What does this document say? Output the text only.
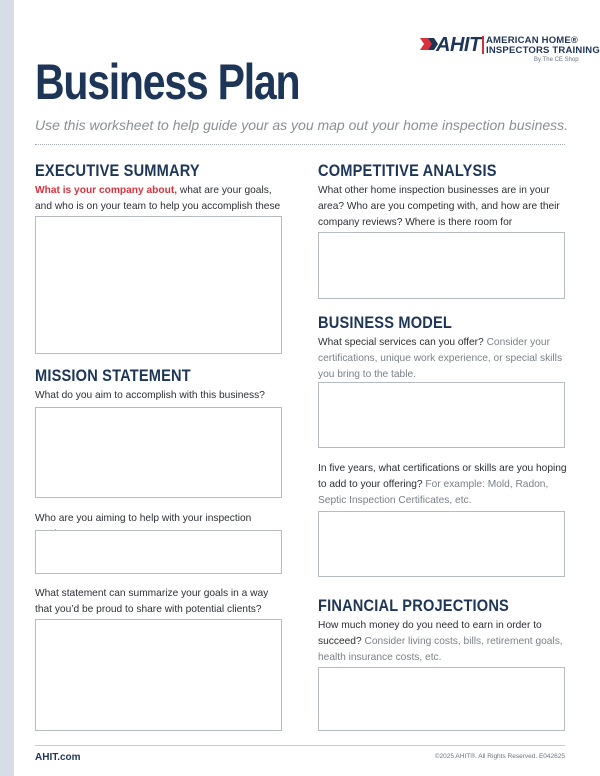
AHIT AMERICAN HOME®
INSPECTORS TRAINING
By The CE Shop
Business Plan
Use this worksheet to help guide your as you map out your home inspection business.
EXECUTIVE SUMMARY
What is your company about, what are your goals, and who is on your team to help you accomplish these
MISSION STATEMENT
What do you aim to accomplish with this business?
Who are you aiming to help with your inspection
What statement can summarize your goals in a way that you’d be proud to share with potential clients?
COMPETITIVE ANALYSIS
What other home inspection businesses are in your area? Who are you competing with, and how are their company reviews? Where is there room for
BUSINESS MODEL
What special services can you offer? Consider your certifications, unique work experience, or special skills you bring to the table.
In five years, what certifications or skills are you hoping to add to your offering? For example: Mold, Radon, Septic Inspection Certificates, etc.
FINANCIAL PROJECTIONS
How much money do you need to earn in order to succeed? Consider living costs, bills, retirement goals, health insurance costs, etc.
AHIT.com	©2025 AHIT®. All Rights Reserved. E042625
